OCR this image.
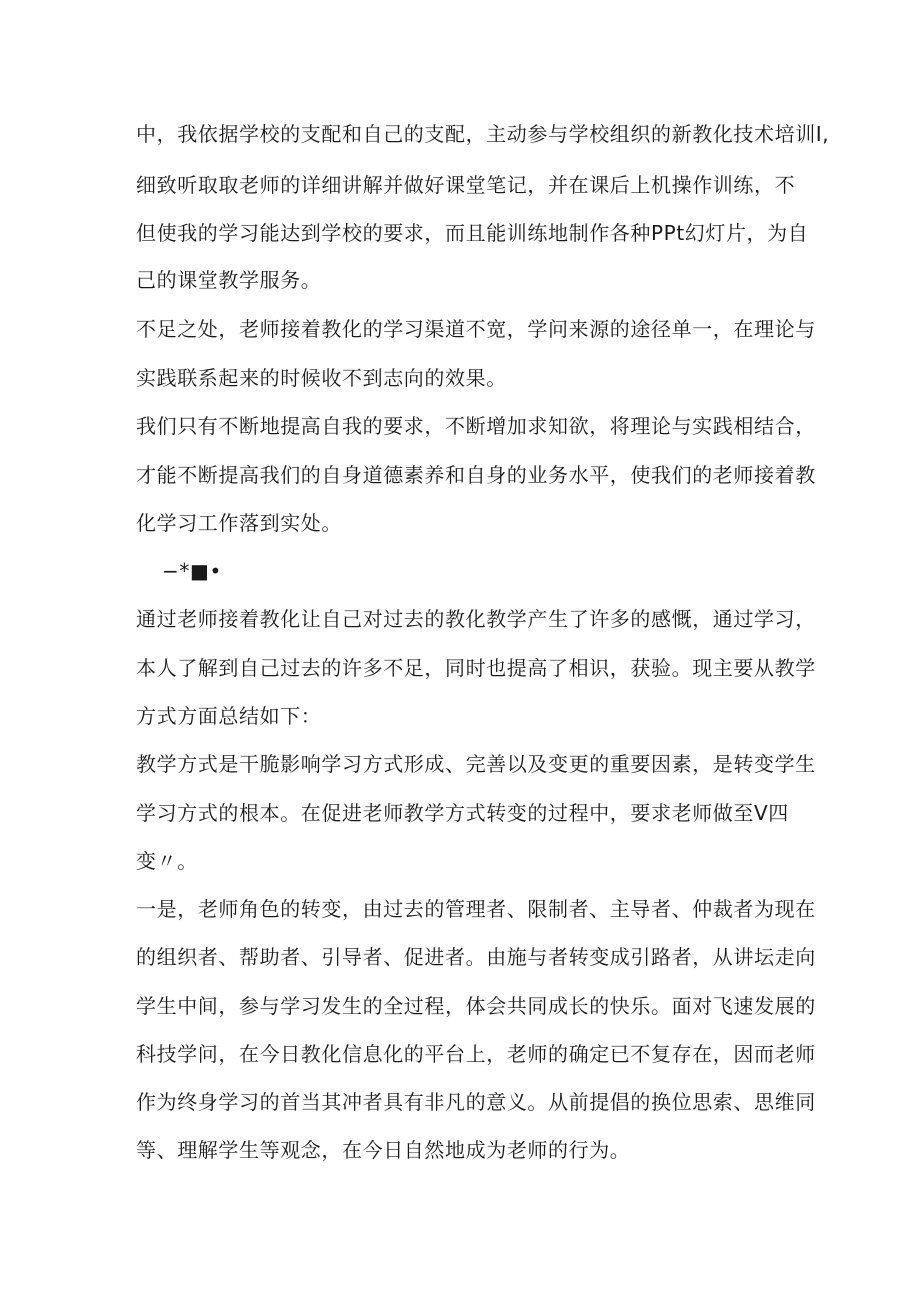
中，我依据学校的支配和自己的支配，主动参与学校组织的新教化技术培训I,
细致听取取老师的详细讲解并做好课堂笔记，并在课后上机操作训练，不
但使我的学习能达到学校的要求，而且能训练地制作各种PPt幻灯片，为自
己的课堂教学服务。
不足之处，老师接着教化的学习渠道不宽，学问来源的途径单一，在理论与
实践联系起来的时候收不到志向的效果。
我们只有不断地提高自我的要求，不断增加求知欲，将理论与实践相结合，
才能不断提高我们的自身道德素养和自身的业务水平，使我们的老师接着教
化学习工作落到实处。
−*■•
通过老师接着教化让自己对过去的教化教学产生了许多的感慨，通过学习，
本人了解到自己过去的许多不足，同时也提高了相识，获验。现主要从教学
方式方面总结如下：
教学方式是干脆影响学习方式形成、完善以及变更的重要因素，是转变学生
学习方式的根本。在促进老师教学方式转变的过程中，要求老师做至V四
变〃。
一是，老师角色的转变，由过去的管理者、限制者、主导者、仲裁者为现在
的组织者、帮助者、引导者、促进者。由施与者转变成引路者，从讲坛走向
学生中间，参与学习发生的全过程，体会共同成长的快乐。面对飞速发展的
科技学问，在今日教化信息化的平台上，老师的确定已不复存在，因而老师
作为终身学习的首当其冲者具有非凡的意义。从前提倡的换位思索、思维同
等、理解学生等观念，在今日自然地成为老师的行为。
